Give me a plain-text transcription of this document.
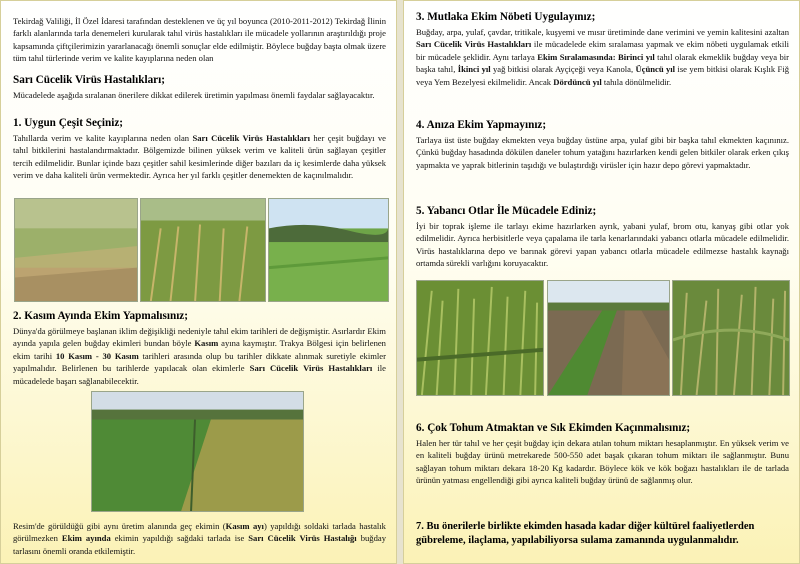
Tekirdağ Valiliği, İl Özel İdaresi tarafından desteklenen ve üç yıl boyunca (2010-2011-2012) Tekirdağ İlinin farklı alanlarında tarla denemeleri kurularak tahıl virüs hastalıkları ile mücadele yollarının araştırıldığı proje kapsamında çiftçilerimizin yararlanacağı önemli sonuçlar elde edilmiştir. Böylece buğday başta olmak üzere tüm tahıl türlerinde verim ve kalite kayıplarına neden olan

Sarı Cücelik Virüs Hastalıkları;

Mücadelede aşağıda sıralanan önerilere dikkat edilerek üretimin yapılması önemli faydalar sağlayacaktır.

1. Uygun Çeşit Seçiniz;

Tahıllarda verim ve kalite kayıplarına neden olan Sarı Cücelik Virüs Hastalıkları her çeşit buğdayı ve tahıl bitkilerini hastalandırmaktadır. Bölgemizde bilinen yüksek verim ve kaliteli ürün sağlayan çeşitler tercih edilmelidir. Bunlar içinde bazı çeşitler sahil kesimlerinde diğer bazıları da iç kesimlerde daha yüksek verim ve daha kaliteli ürün vermektedir. Ayrıca her yıl farklı çeşitler denemekten de kaçınılmalıdır.

2. Kasım Ayında Ekim Yapmalısınız;

Dünya'da görülmeye başlanan iklim değişikliği nedeniyle tahıl ekim tarihleri de değişmiştir. Asırlardır Ekim ayında yapıla gelen buğday ekimleri bundan böyle Kasım ayına kaymıştır. Trakya Bölgesi için belirlenen ekim tarihi 10 Kasım - 30 Kasım tarihleri arasında olup bu tarihler dikkate alınmak suretiyle ekimler yapılmalıdır. Belirlenen bu tarihlerde yapılacak olan ekimlerle Sarı Cücelik Virüs Hastalıkları ile mücadelede başarı sağlanabilecektir.

Resim'de görüldüğü gibi aynı üretim alanında geç ekimin (Kasım ayı) yapıldığı soldaki tarlada hastalık görülmezken Ekim ayında ekimin yapıldığı sağdaki tarlada ise Sarı Cücelik Virüs Hastalığı buğday tarlasını önemli oranda etkilemiştir.

3. Mutlaka Ekim Nöbeti Uygulayınız;

Buğday, arpa, yulaf, çavdar, tritikale, kuşyemi ve mısır üretiminde dane verimini ve yemin kalitesini azaltan Sarı Cücelik Virüs Hastalıkları ile mücadelede ekim sıralaması yapmak ve ekim nöbeti uygulamak etkili bir mücadele şeklidir. Aynı tarlaya Ekim Sıralamasında: Birinci yıl tahıl olarak ekmeklik buğday veya bir başka tahıl, İkinci yıl yağ bitkisi olarak Ayçiçeği veya Kanola, Üçüncü yıl ise yem bitkisi olarak Kışlık Fiğ veya Yem Bezelyesi ekilmelidir. Ancak Dördüncü yıl tahıla dönülmelidir.

4. Anıza Ekim Yapmayınız;

Tarlaya üst üste buğday ekmekten veya buğday üstüne arpa, yulaf gibi bir başka tahıl ekmekten kaçınınız. Çünkü buğday hasadında dökülen daneler tohum yatağını hazırlarken kendi gelen bitkiler olarak erken çıkış yapmakta ve yaprak bitlerinin taşıdığı ve bulaştırdığı virüsler için hazır depo görevi yapmaktadır.

5. Yabancı Otlar İle Mücadele Ediniz;

İyi bir toprak işleme ile tarlayı ekime hazırlarken ayrık, yabani yulaf, brom otu, kanyaş gibi otlar yok edilmelidir. Ayrıca herbisitlerle veya çapalama ile tarla kenarlarındaki yabancı otlarla mücadele edilmelidir. Virüs hastalıklarına depo ve barınak görevi yapan yabancı otlarla mücadele edilmezse hastalık kaynağı ortamda sürekli varlığını koruyacaktır.

6. Çok Tohum Atmaktan ve Sık Ekimden Kaçınmalısınız;

Halen her tür tahıl ve her çeşit buğday için dekara atılan tohum miktarı hesaplanmıştır. En yüksek verim ve en kaliteli buğday ürünü metrekarede 500-550 adet başak çıkaran tohum miktarı ile sağlanmıştır. Bunu sağlayan tohum miktarı dekara 18-20 Kg kadardır. Böylece kök ve kök boğazı hastalıkları ile de tarlada ürünün yatması engellendiği gibi ayrıca kaliteli buğday ürünü de sağlanmış olur.

7. Bu önerilerle birlikte ekimden hasada kadar diğer kültürel faaliyetlerden gübreleme, ilaçlama, yapılabiliyorsa sulama zamanında uygulanmalıdır.
